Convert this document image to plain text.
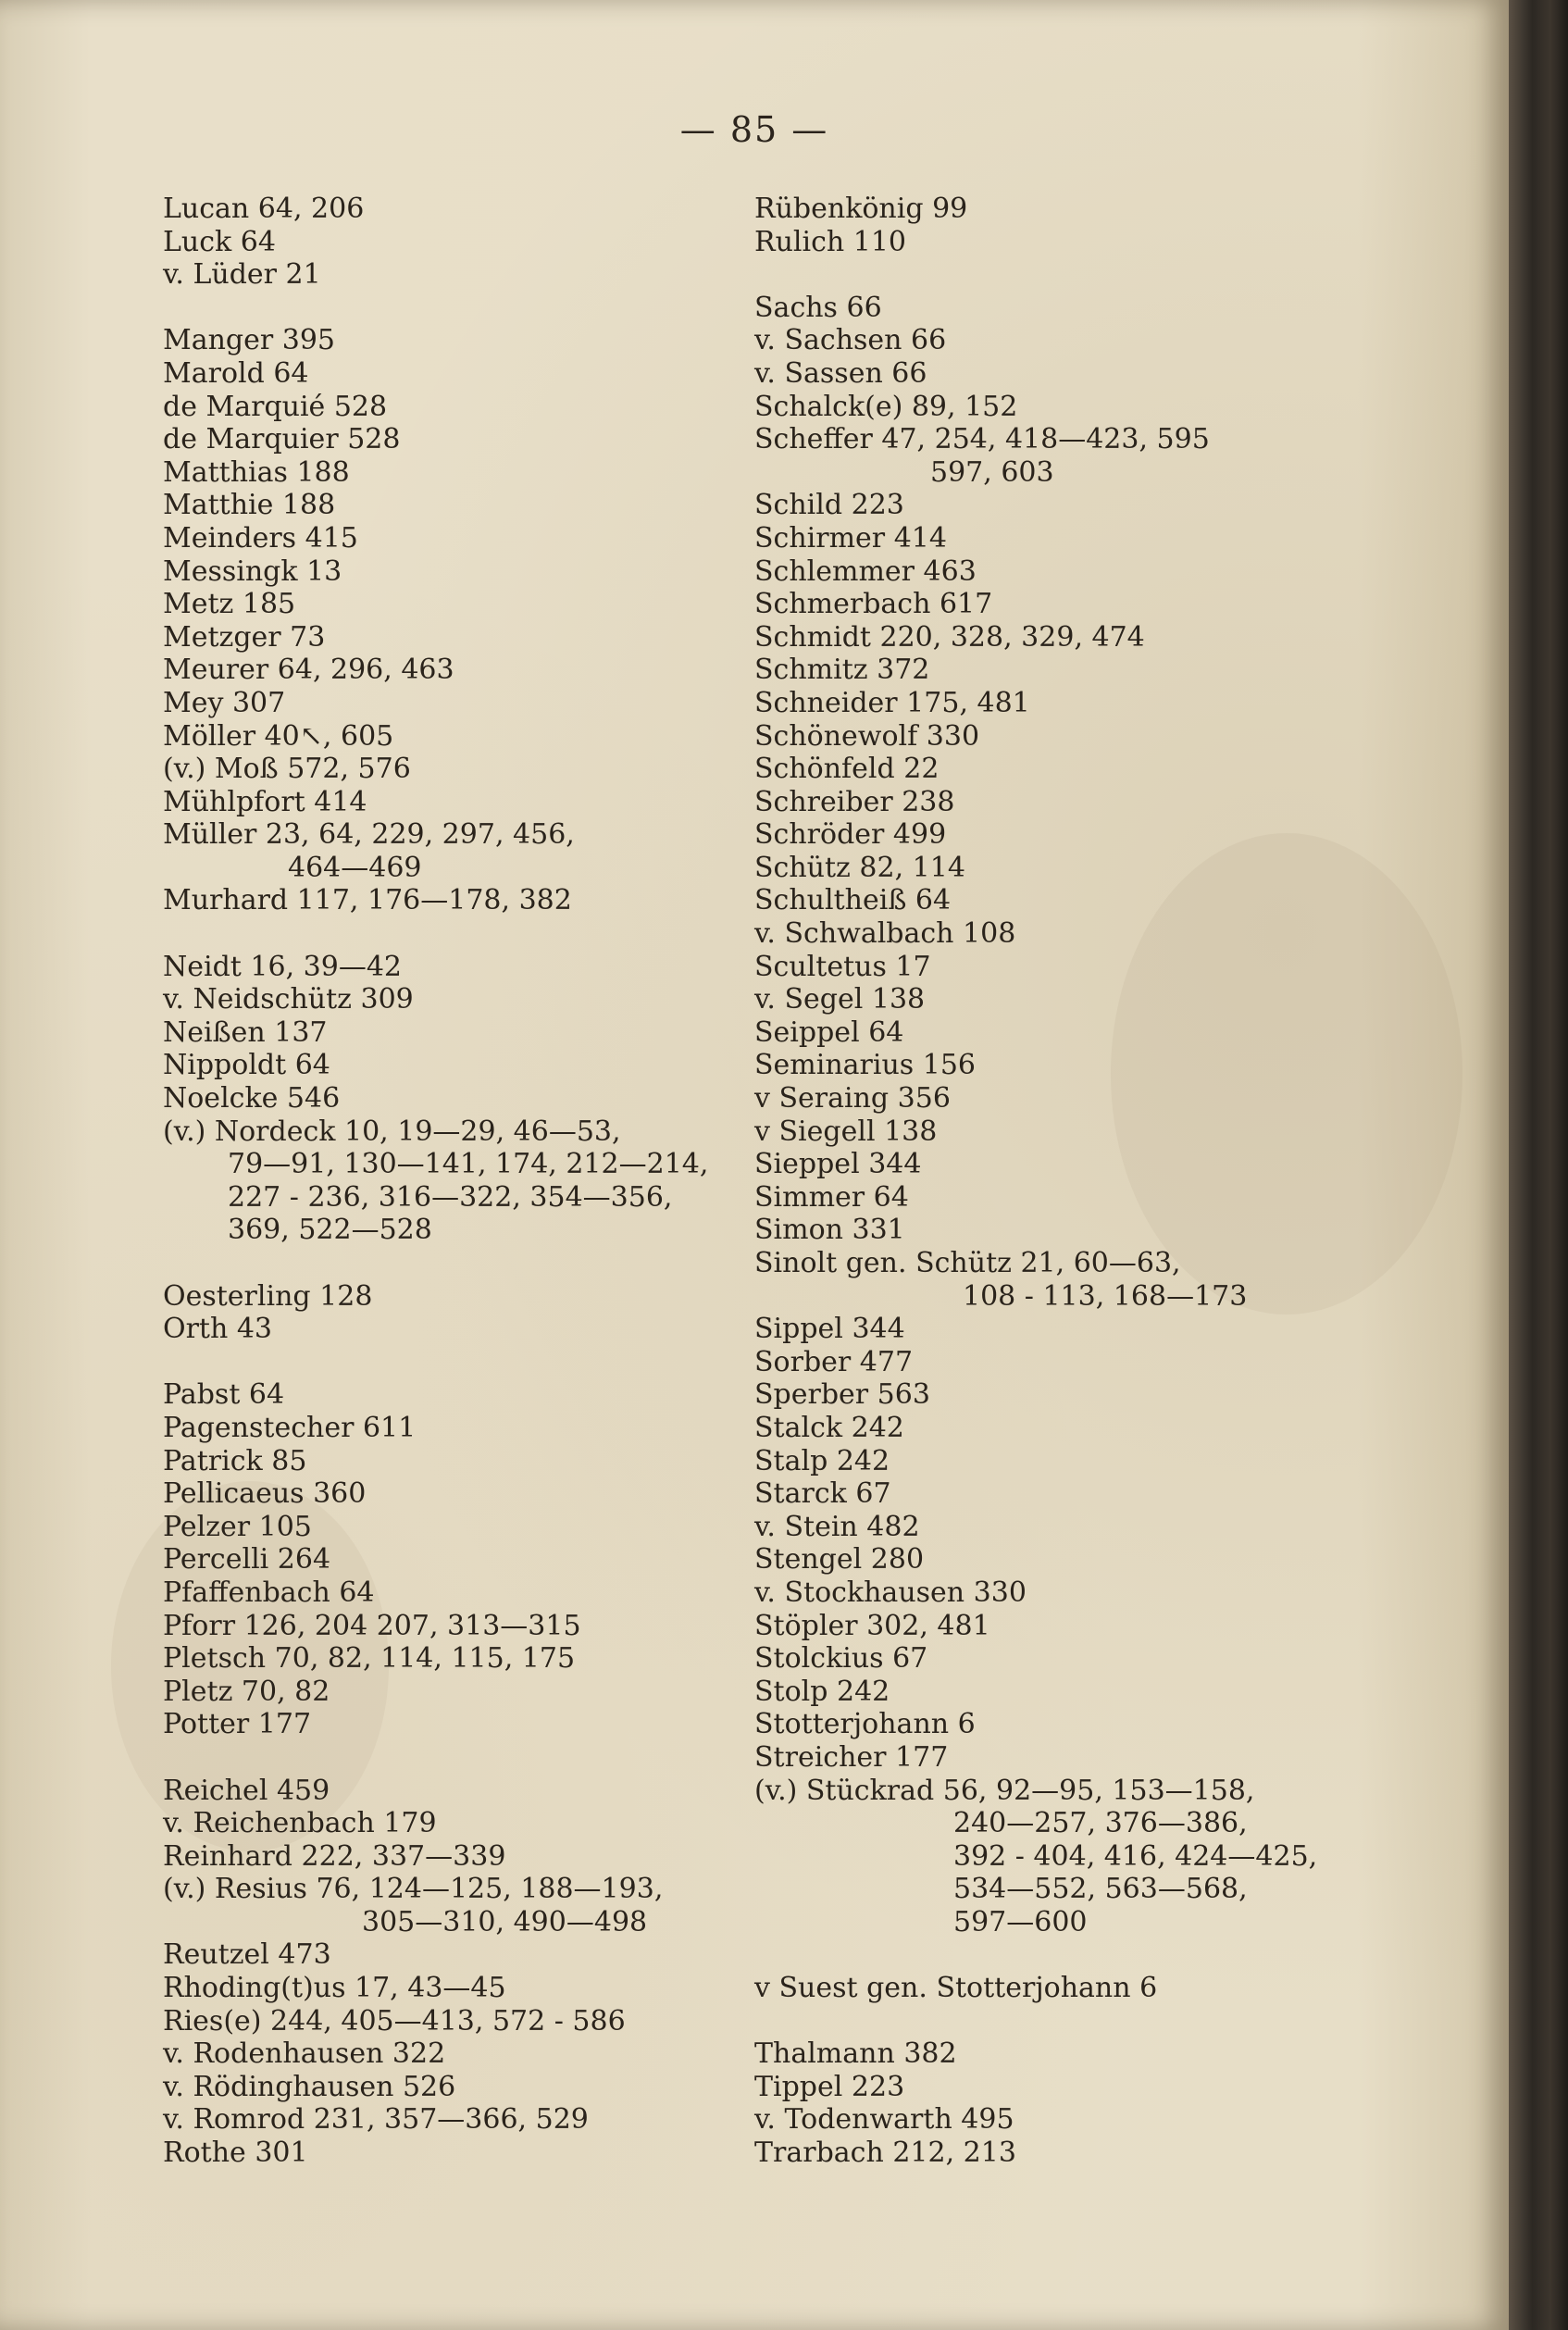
— 85 —
Lucan 64, 206
Luck 64
v. Lüder 21
Manger 395
Marold 64
de Marquié 528
de Marquier 528
Matthias 188
Matthie 188
Meinders 415
Messingk 13
Metz 185
Metzger 73
Meurer 64, 296, 463
Mey 307
Möller 40↖, 605
(v.) Moß 572, 576
Mühlpfort 414
Müller 23, 64, 229, 297, 456,
464—469
Murhard 117, 176—178, 382
Neidt 16, 39—42
v. Neidschütz 309
Neißen 137
Nippoldt 64
Noelcke 546
(v.) Nordeck 10, 19—29, 46—53,
79—91, 130—141, 174, 212—214,
227 - 236, 316—322, 354—356,
369, 522—528
Oesterling 128
Orth 43
Pabst 64
Pagenstecher 611
Patrick 85
Pellicaeus 360
Pelzer 105
Percelli 264
Pfaffenbach 64
Pforr 126, 204 207, 313—315
Pletsch 70, 82, 114, 115, 175
Pletz 70, 82
Potter 177
Reichel 459
v. Reichenbach 179
Reinhard 222, 337—339
(v.) Resius 76, 124—125, 188—193,
305—310, 490—498
Reutzel 473
Rhoding(t)us 17, 43—45
Ries(e) 244, 405—413, 572 - 586
v. Rodenhausen 322
v. Rödinghausen 526
v. Romrod 231, 357—366, 529
Rothe 301
Rübenkönig 99
Rulich 110
Sachs 66
v. Sachsen 66
v. Sassen 66
Schalck(e) 89, 152
Scheffer 47, 254, 418—423, 595
597, 603
Schild 223
Schirmer 414
Schlemmer 463
Schmerbach 617
Schmidt 220, 328, 329, 474
Schmitz 372
Schneider 175, 481
Schönewolf 330
Schönfeld 22
Schreiber 238
Schröder 499
Schütz 82, 114
Schultheiß 64
v. Schwalbach 108
Scultetus 17
v. Segel 138
Seippel 64
Seminarius 156
v Seraing 356
v Siegell 138
Sieppel 344
Simmer 64
Simon 331
Sinolt gen. Schütz 21, 60—63,
108 - 113, 168—173
Sippel 344
Sorber 477
Sperber 563
Stalck 242
Stalp 242
Starck 67
v. Stein 482
Stengel 280
v. Stockhausen 330
Stöpler 302, 481
Stolckius 67
Stolp 242
Stotterjohann 6
Streicher 177
(v.) Stückrad 56, 92—95, 153—158,
240—257, 376—386,
392 - 404, 416, 424—425,
534—552, 563—568,
597—600
v Suest gen. Stotterjohann 6
Thalmann 382
Tippel 223
v. Todenwarth 495
Trarbach 212, 213
